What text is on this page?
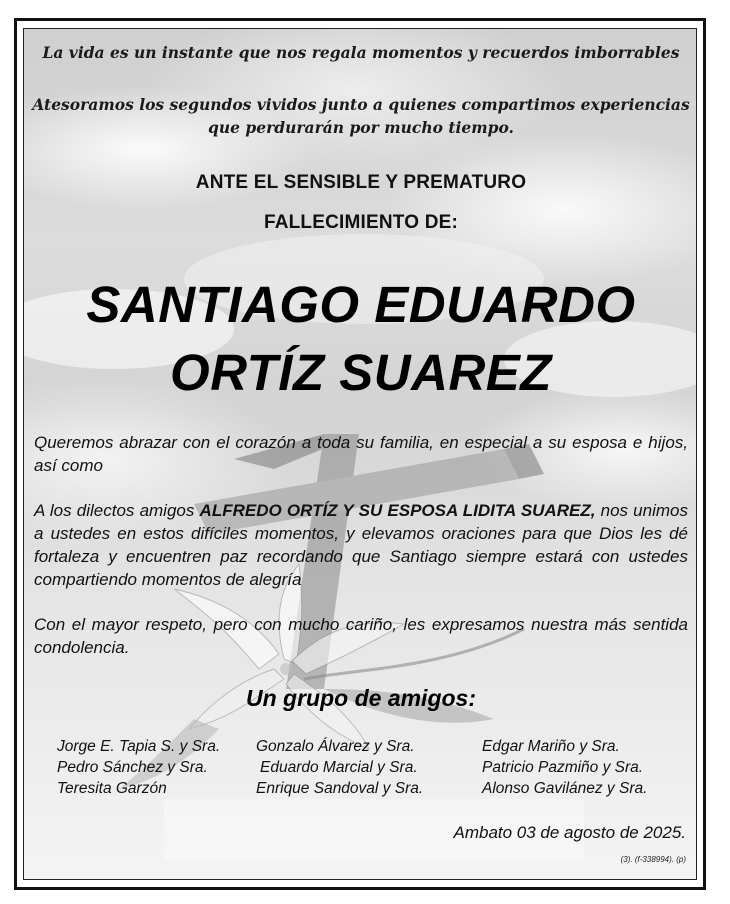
La vida es un instante que nos regala momentos y recuerdos imborrables
Atesoramos los segundos vividos junto a quienes compartimos experiencias
que perdurarán por mucho tiempo.
ANTE EL SENSIBLE Y PREMATURO
FALLECIMIENTO DE:
SANTIAGO EDUARDO
ORTÍZ SUAREZ
Queremos abrazar con el corazón a toda su familia, en especial a su esposa e hijos, así como
A los dilectos amigos ALFREDO ORTÍZ Y SU ESPOSA LIDITA SUAREZ, nos unimos a ustedes en estos difíciles momentos, y elevamos oraciones para que Dios les dé fortaleza y encuentren paz recordando que Santiago siempre estará con ustedes compartiendo momentos de alegría
Con el mayor respeto, pero con mucho cariño, les expresamos nuestra más sentida condolencia.
Un grupo de amigos:
Jorge E. Tapia S. y Sra.
Pedro Sánchez y Sra.
Teresita Garzón
Gonzalo Álvarez y Sra.
Eduardo Marcial y Sra.
Enrique Sandoval y Sra.
Edgar Mariño y Sra.
Patricio Pazmiño y Sra.
Alonso Gavilánez y Sra.
Ambato 03 de agosto de 2025.
(3). (f-338994). (p)
